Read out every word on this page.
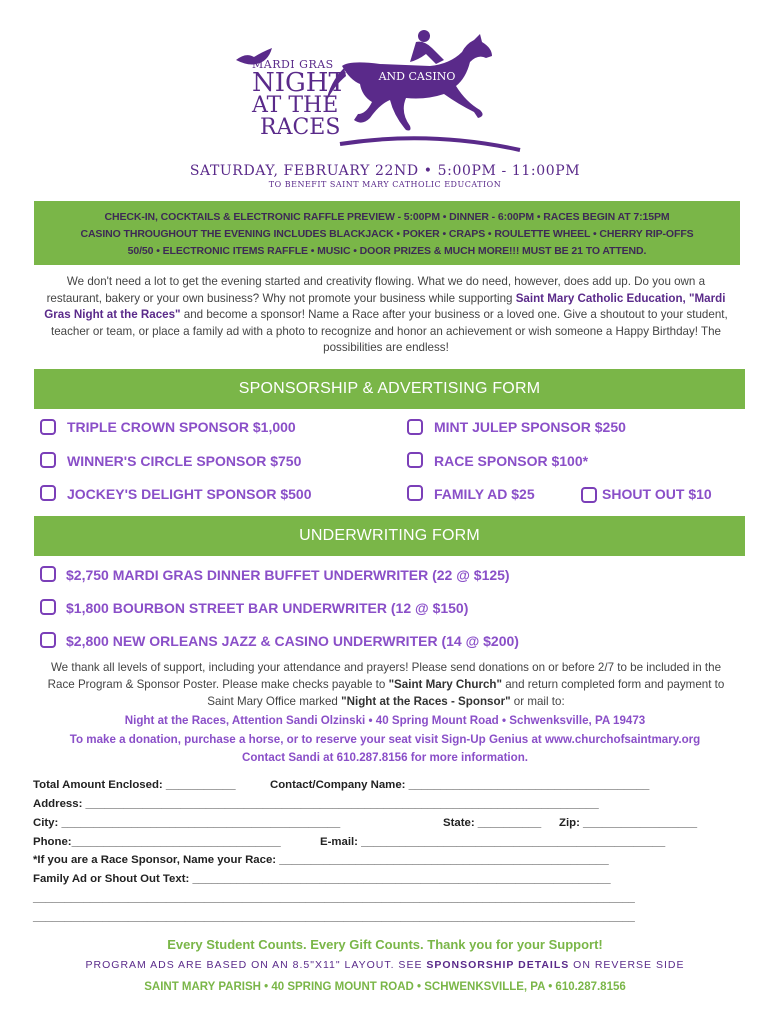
MARDI GRAS
NIGHT
AT THE
RACES
AND CASINO
SATURDAY, FEBRUARY 22ND • 5:00PM - 11:00PM
TO BENEFIT SAINT MARY CATHOLIC EDUCATION

CHECK-IN, COCKTAILS & ELECTRONIC RAFFLE PREVIEW - 5:00PM • DINNER - 6:00PM • RACES BEGIN AT 7:15PM

CASINO THROUGHOUT THE EVENING INCLUDES BLACKJACK • POKER • CRAPS • ROULETTE WHEEL • CHERRY RIP-OFFS

50/50 • ELECTRONIC ITEMS RAFFLE • MUSIC • DOOR PRIZES & MUCH MORE!!! MUST BE 21 TO ATTEND.

We don't need a lot to get the evening started and creativity flowing. What we do need, however, does add up. Do you own a restaurant, bakery or your own business? Why not promote your business while supporting Saint Mary Catholic Education, "Mardi Gras Night at the Races" and become a sponsor! Name a Race after your business or a loved one. Give a shoutout to your student, teacher or team, or place a family ad with a photo to recognize and honor an achievement or wish someone a Happy Birthday! The possibilities are endless!
SPONSORSHIP & ADVERTISING FORM
TRIPLE CROWN SPONSOR $1,000	MINT JULEP SPONSOR $250
WINNER'S CIRCLE SPONSOR $750	RACE SPONSOR $100*
JOCKEY'S DELIGHT SPONSOR $500	FAMILY AD $25	SHOUT OUT $10
UNDERWRITING FORM
$2,750 MARDI GRAS DINNER BUFFET UNDERWRITER (22 @ $125)
$1,800 BOURBON STREET BAR UNDERWRITER (12 @ $150)
$2,800 NEW ORLEANS JAZZ & CASINO UNDERWRITER (14 @ $200)
We thank all levels of support, including your attendance and prayers! Please send donations on or before 2/7 to be included in the Race Program & Sponsor Poster. Please make checks payable to "Saint Mary Church" and return completed form and payment to Saint Mary Office marked "Night at the Races - Sponsor" or mail to:
Night at the Races, Attention Sandi Olzinski • 40 Spring Mount Road • Schwenksville, PA 19473
To make a donation, purchase a horse, or to reserve your seat visit Sign-Up Genius at www.churchofsaintmary.org
Contact Sandi at 610.287.8156 for more information.
Total Amount Enclosed: ___________	Contact/Company Name: ______________________________________
Address: _________________________________________________________________________________
City: ____________________________________________	State: __________ Zip: __________________
Phone:_________________________________	E-mail: ________________________________________________
*If you are a Race Sponsor, Name your Race: ____________________________________________________
Family Ad or Shout Out Text: __________________________________________________________________
_______________________________________________________________________________________________
_______________________________________________________________________________________________
Every Student Counts. Every Gift Counts. Thank you for your Support!
PROGRAM ADS ARE BASED ON AN 8.5"X11" LAYOUT. SEE SPONSORSHIP DETAILS ON REVERSE SIDE
SAINT MARY PARISH • 40 SPRING MOUNT ROAD • SCHWENKSVILLE, PA • 610.287.8156
